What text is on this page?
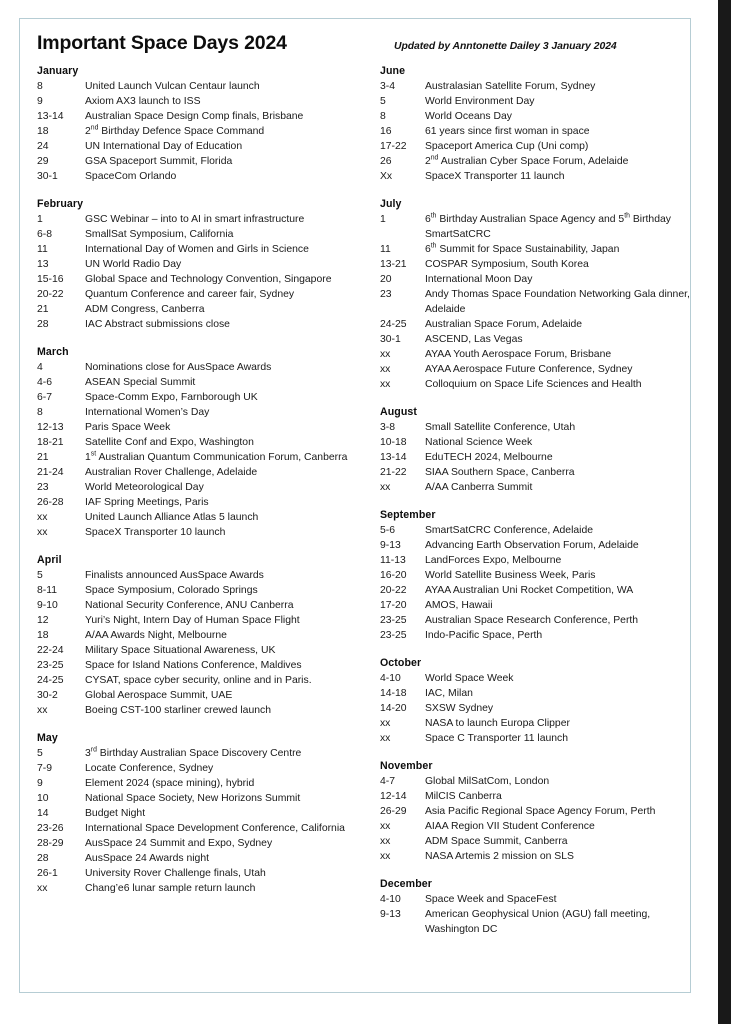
Important Space Days 2024	Updated by Anntonette Dailey 3 January 2024
January
8	United Launch Vulcan Centaur launch
9	Axiom AX3 launch to ISS
13-14	Australian Space Design Comp finals, Brisbane
18	2nd Birthday Defence Space Command
24	UN International Day of Education
29	GSA Spaceport Summit, Florida
30-1	SpaceCom Orlando
February
1	GSC Webinar – into to AI in smart infrastructure
6-8	SmallSat Symposium, California
11	International Day of Women and Girls in Science
13	UN World Radio Day
15-16	Global Space and Technology Convention, Singapore
20-22	Quantum Conference and career fair, Sydney
21	ADM Congress, Canberra
28	IAC Abstract submissions close
March
4	Nominations close for AusSpace Awards
4-6	ASEAN Special Summit
6-7	Space-Comm Expo, Farnborough UK
8	International Women’s Day
12-13	Paris Space Week
18-21	Satellite Conf and Expo, Washington
21	1st Australian Quantum Communication Forum, Canberra
21-24	Australian Rover Challenge, Adelaide
23	World Meteorological Day
26-28	IAF Spring Meetings, Paris
xx	United Launch Alliance Atlas 5 launch
xx	SpaceX Transporter 10 launch
April
5	Finalists announced AusSpace Awards
8-11	Space Symposium, Colorado Springs
9-10	National Security Conference, ANU Canberra
12	Yuri’s Night, Intern Day of Human Space Flight
18	A/AA Awards Night, Melbourne
22-24	Military Space Situational Awareness, UK
23-25	Space for Island Nations Conference, Maldives
24-25	CYSAT, space cyber security, online and in Paris.
30-2	Global Aerospace Summit, UAE
xx	Boeing CST-100 starliner crewed launch
May
5	3rd Birthday Australian Space Discovery Centre
7-9	Locate Conference, Sydney
9	Element 2024 (space mining), hybrid
10	National Space Society, New Horizons Summit
14	Budget Night
23-26	International Space Development Conference, California
28-29	AusSpace 24 Summit and Expo, Sydney
28	AusSpace 24 Awards night
26-1	University Rover Challenge finals, Utah
xx	Chang’e6 lunar sample return launch
June
3-4	Australasian Satellite Forum, Sydney
5	World Environment Day
8	World Oceans Day
16	61 years since first woman in space
17-22	Spaceport America Cup (Uni comp)
26	2nd Australian Cyber Space Forum, Adelaide
Xx	SpaceX Transporter 11 launch
July
1	6th Birthday Australian Space Agency and 5th Birthday SmartSatCRC
11	6th Summit for Space Sustainability, Japan
13-21	COSPAR Symposium, South Korea
20	International Moon Day
23	Andy Thomas Space Foundation Networking Gala dinner, Adelaide
24-25	Australian Space Forum, Adelaide
30-1	ASCEND, Las Vegas
xx	AYAA Youth Aerospace Forum, Brisbane
xx	AYAA Aerospace Future Conference, Sydney
xx	Colloquium on Space Life Sciences and Health
August
3-8	Small Satellite Conference, Utah
10-18	National Science Week
13-14	EduTECH 2024, Melbourne
21-22	SIAA Southern Space, Canberra
xx	A/AA Canberra Summit
September
5-6	SmartSatCRC Conference, Adelaide
9-13	Advancing Earth Observation Forum, Adelaide
11-13	LandForces Expo, Melbourne
16-20	World Satellite Business Week, Paris
20-22	AYAA Australian Uni Rocket Competition, WA
17-20	AMOS, Hawaii
23-25	Australian Space Research Conference, Perth
23-25	Indo-Pacific Space, Perth
October
4-10	World Space Week
14-18	IAC, Milan
14-20	SXSW Sydney
xx	NASA to launch Europa Clipper
xx	Space C Transporter 11 launch
November
4-7	Global MilSatCom, London
12-14	MilCIS Canberra
26-29	Asia Pacific Regional Space Agency Forum, Perth
xx	AIAA Region VII Student Conference
xx	ADM Space Summit, Canberra
xx	NASA Artemis 2 mission on SLS
December
4-10	Space Week and SpaceFest
9-13	American Geophysical Union (AGU) fall meeting, Washington DC
